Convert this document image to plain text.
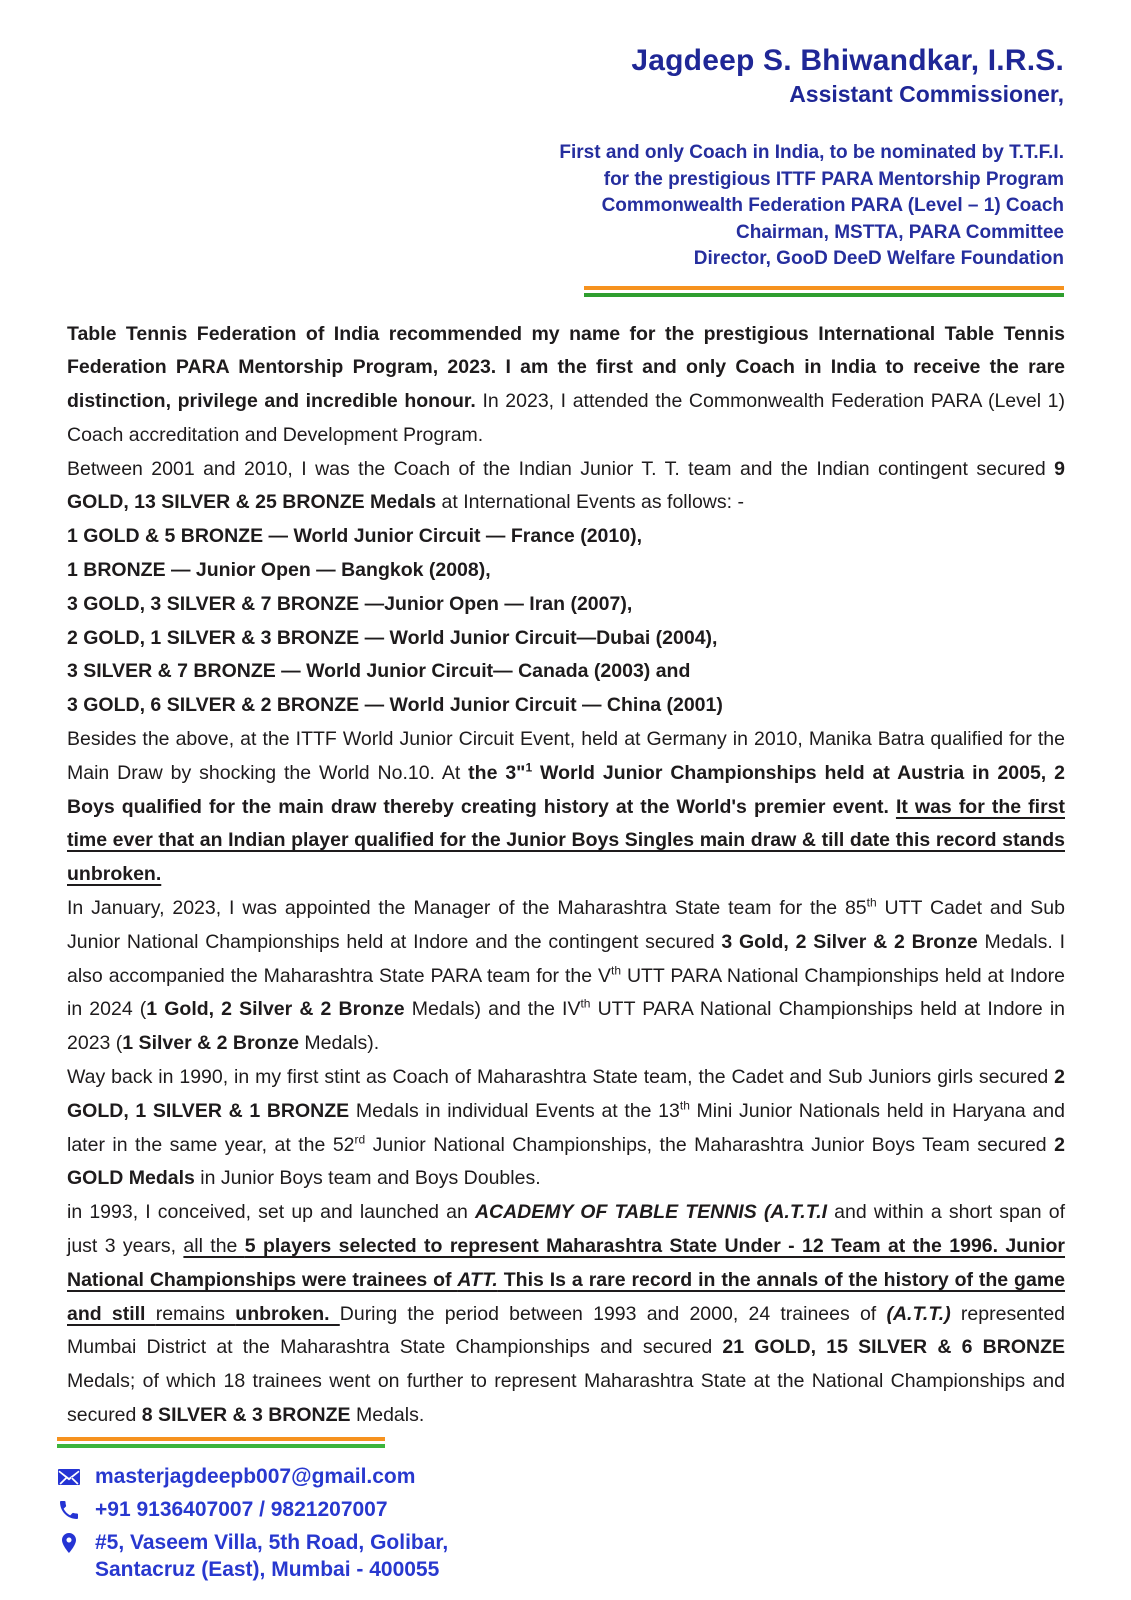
Jagdeep S. Bhiwandkar, I.R.S.
Assistant Commissioner,
First and only Coach in India, to be nominated by T.T.F.I.
for the prestigious ITTF PARA Mentorship Program
Commonwealth Federation PARA (Level – 1) Coach
Chairman, MSTTA, PARA Committee
Director, GooD DeeD Welfare Foundation

Table Tennis Federation of India recommended my name for the prestigious International Table Tennis Federation PARA Mentorship Program, 2023. I am the first and only Coach in India to receive the rare distinction, privilege and incredible honour. In 2023, I attended the Commonwealth Federation PARA (Level 1) Coach accreditation and Development Program.

Between 2001 and 2010, I was the Coach of the Indian Junior T. T. team and the Indian contingent secured 9 GOLD, 13 SILVER & 25 BRONZE Medals at International Events as follows: -

1 GOLD & 5 BRONZE — World Junior Circuit — France (2010),

1 BRONZE — Junior Open — Bangkok (2008),

3 GOLD, 3 SILVER & 7 BRONZE —Junior Open — Iran (2007),

2 GOLD, 1 SILVER & 3 BRONZE — World Junior Circuit—Dubai (2004),

3 SILVER & 7 BRONZE — World Junior Circuit— Canada (2003) and

3 GOLD, 6 SILVER & 2 BRONZE — World Junior Circuit — China (2001)

Besides the above, at the ITTF World Junior Circuit Event, held at Germany in 2010, Manika Batra qualified for the Main Draw by shocking the World No.10. At the 3"$^1$ World Junior Championships held at Austria in 2005, 2 Boys qualified for the main draw thereby creating history at the World's premier event. It was for the first time ever that an Indian player qualified for the Junior Boys Singles main draw & till date this record stands unbroken.

In January, 2023, I was appointed the Manager of the Maharashtra State team for the 85th UTT Cadet and Sub Junior National Championships held at Indore and the contingent secured 3 Gold, 2 Silver & 2 Bronze Medals. I also accompanied the Maharashtra State PARA team for the Vth UTT PARA National Championships held at Indore in 2024 (1 Gold, 2 Silver & 2 Bronze Medals) and the IVth UTT PARA National Championships held at Indore in 2023 (1 Silver & 2 Bronze Medals).

Way back in 1990, in my first stint as Coach of Maharashtra State team, the Cadet and Sub Juniors girls secured 2 GOLD, 1 SILVER & 1 BRONZE Medals in individual Events at the 13th Mini Junior Nationals held in Haryana and later in the same year, at the 52rd Junior National Championships, the Maharashtra Junior Boys Team secured 2 GOLD Medals in Junior Boys team and Boys Doubles.

in 1993, I conceived, set up and launched an ACADEMY OF TABLE TENNIS (A.T.T.I and within a short span of just 3 years, all the 5 players selected to represent Maharashtra State Under - 12 Team at the 1996. Junior National Championships were trainees of ATT. This Is a rare record in the annals of the history of the game and still remains unbroken. During the period between 1993 and 2000, 24 trainees of (A.T.T.) represented Mumbai District at the Maharashtra State Championships and secured 21 GOLD, 15 SILVER & 6 BRONZE Medals; of which 18 trainees went on further to represent Maharashtra State at the National Championships and secured 8 SILVER & 3 BRONZE Medals.

masterjagdeepb007@gmail.com
+91 9136407007 / 9821207007
#5, Vaseem Villa, 5th Road, Golibar,
Santacruz (East), Mumbai - 400055
